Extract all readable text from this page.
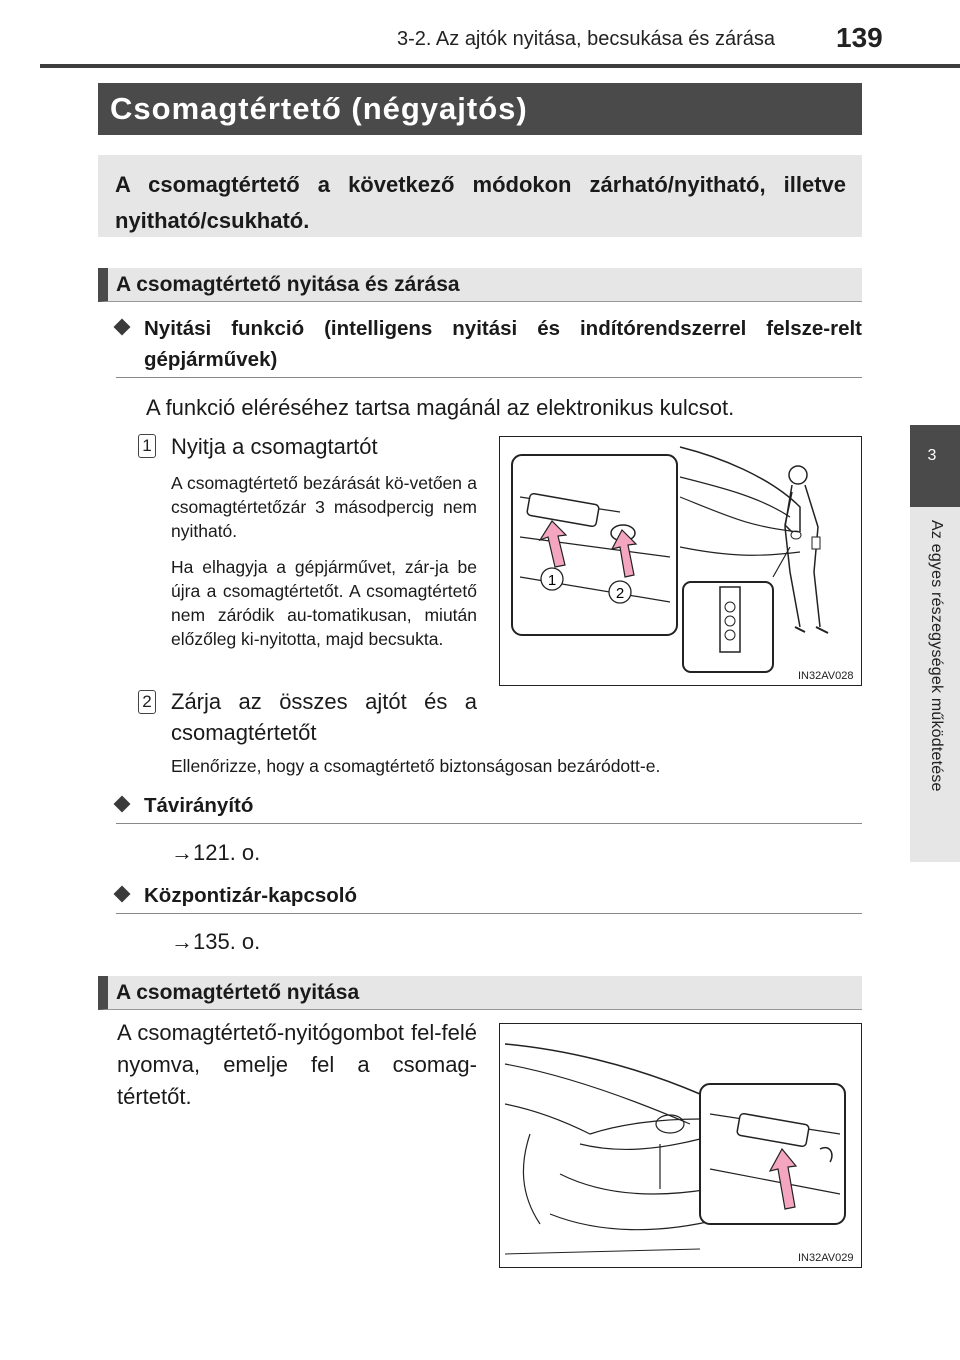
3-2. Az ajtók nyitása, becsukása és zárása 139
3
Az egyes részegységek működtetése
Csomagtértető (négyajtós)
A csomagtértető a következő módokon zárható/nyitható, illetve nyitható/csukható.
A csomagtértető nyitása és zárása
Nyitási funkció (intelligens nyitási és indítórendszerrel felsze-relt gépjárművek)
A funkció eléréséhez tartsa magánál az elektronikus kulcsot.
1 Nyitja a csomagtartót
A csomagtértető bezárását kö-vetően a csomagtértetőzár 3 másodpercig nem nyitható.
Ha elhagyja a gépjárművet, zár-ja be újra a csomagtértetőt. A csomagtértető nem záródik au-tomatikusan, miután előzőleg ki-nyitotta, majd becsukta.
2 Zárja az összes ajtót és a csomagtértetőt
Ellenőrizze, hogy a csomagtértető biztonságosan bezáródott-e.
1
2
IN32AV028
Távirányító
→121. o.
Központizár-kapcsoló
→135. o.
A csomagtértető nyitása
A csomagtértető-nyitógombot fel-felé nyomva, emelje fel a csomag-tértetőt.
IN32AV029
